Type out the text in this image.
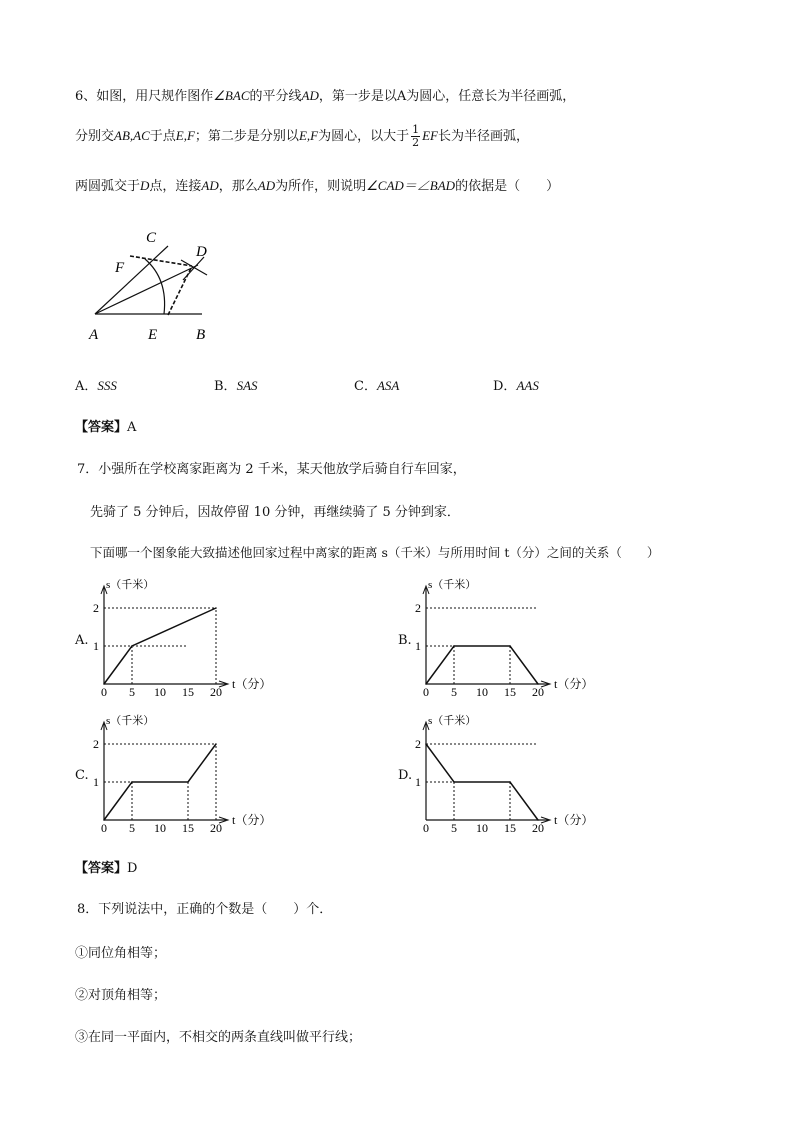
6、如图，用尺规作图作∠BAC的平分线AD，第一步是以A为圆心，任意长为半径画弧，
分别交AB,AC于点E,F；第二步是分别以E,F为圆心，以大于 $\frac{1}{2}$ EF长为半径画弧，
两圆弧交于D点，连接AD，那么AD为所作，则说明∠CAD＝∠BAD的依据是（　　）
C
D
F
A	E	B
A．SSS	B．SAS	C．ASA	D．AAS
【答案】A
7．小强所在学校离家距离为 2 千米，某天他放学后骑自行车回家，
先骑了 5 分钟后，因故停留 10 分钟，再继续骑了 5 分钟到家．
下面哪一个图象能大致描述他回家过程中离家的距离 s（千米）与所用时间 t（分）之间的关系（　　）
A.
0 5 10 15 20
1
2
s（千米）
t（分）
B.
0 5 10 15 20
1
2
s（千米）
t（分）
C.
0 5 10 15 20
1
2
s（千米）
t（分）
D.
0 5 10 15 20
1
2
s（千米）
t（分）
【答案】D
8．下列说法中，正确的个数是（　　）个．
①同位角相等；
②对顶角相等；
③在同一平面内，不相交的两条直线叫做平行线；
